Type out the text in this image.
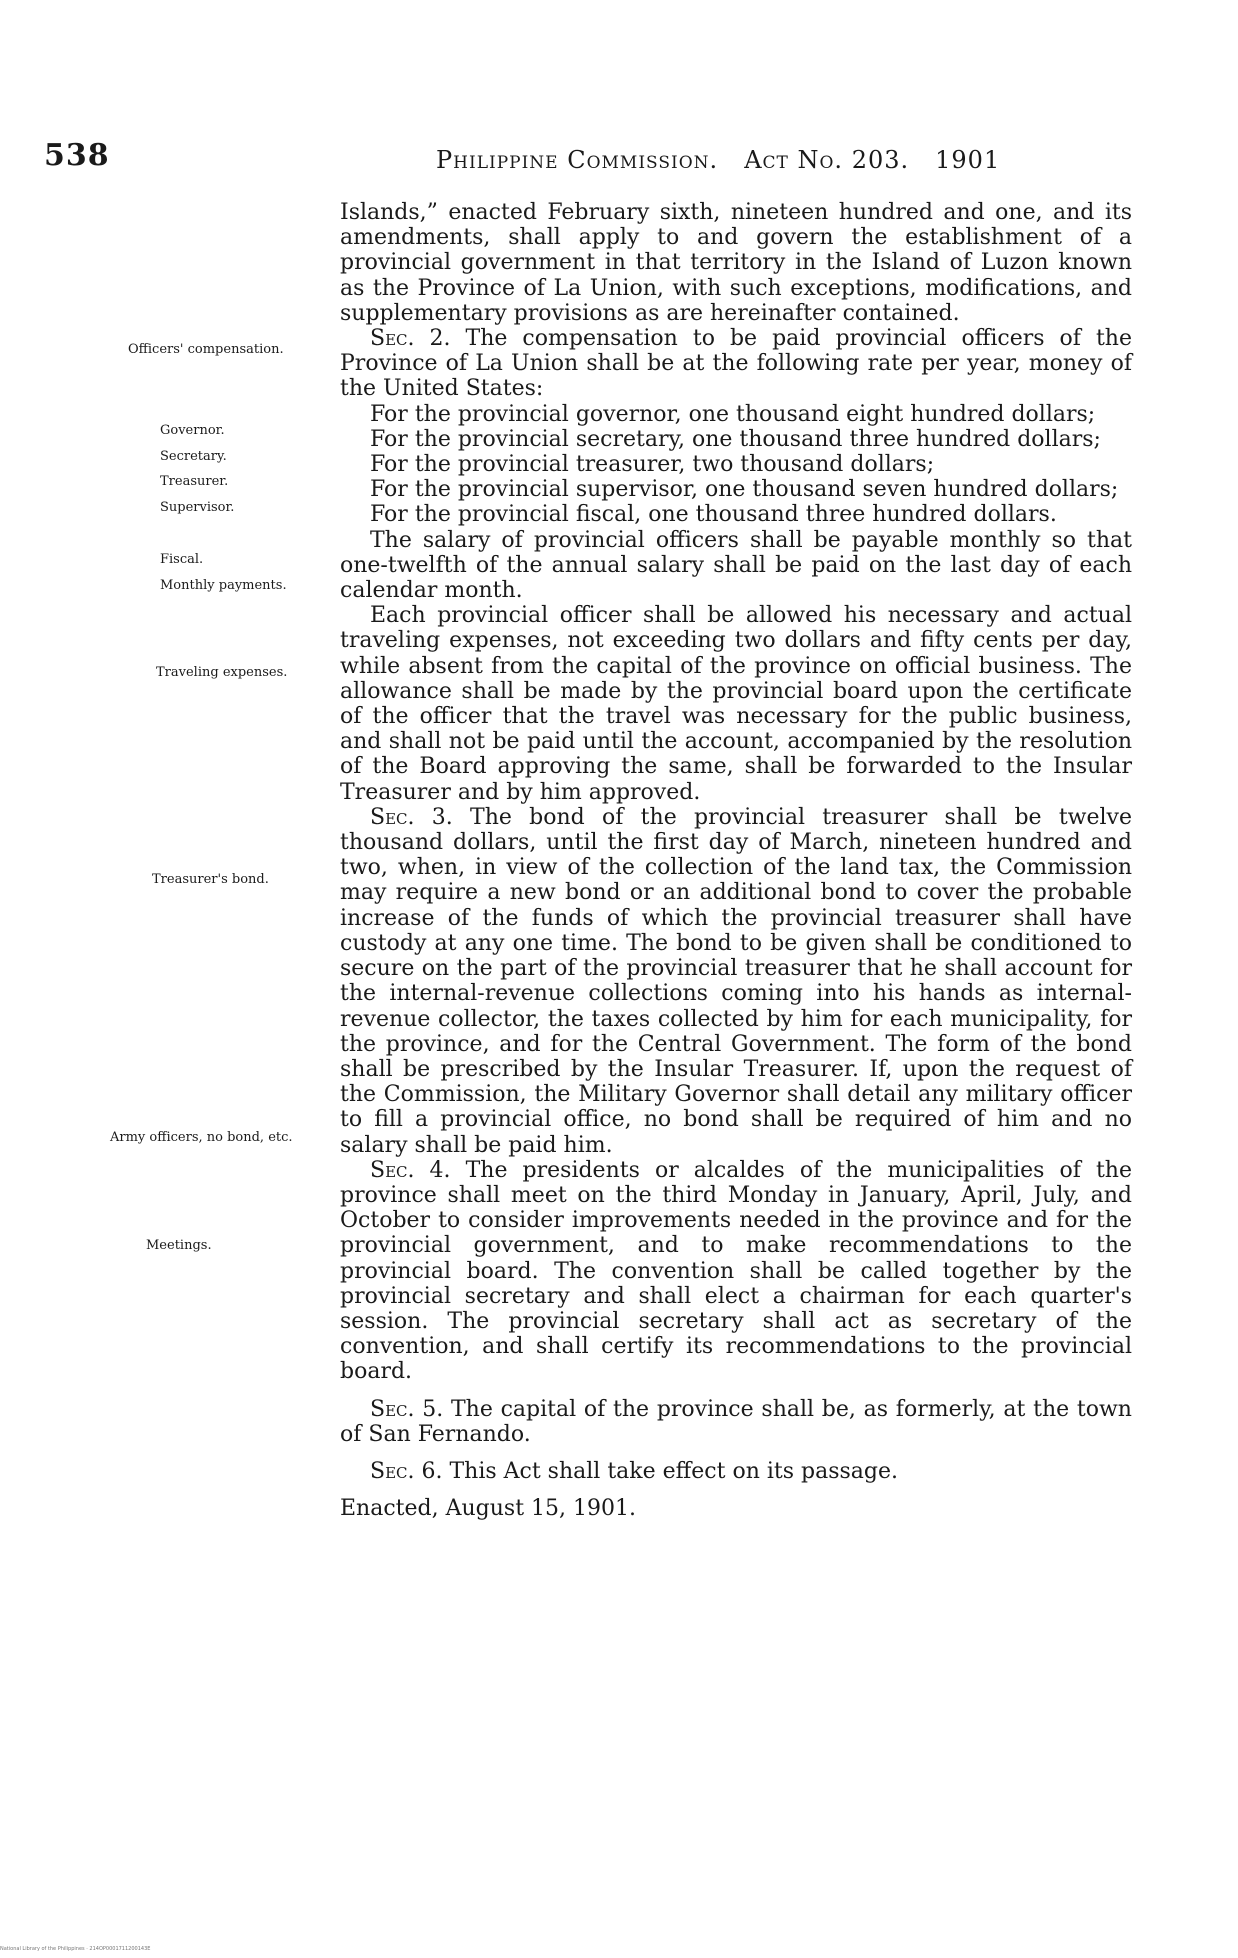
538	Philippine Commission. Act No. 203. 1901
Officers' compensation.
Governor.
Secretary.
Treasurer.
Supervisor.
Fiscal.
Monthly payments.
Traveling expenses.
Treasurer's bond.
Army officers, no bond, etc.
Meetings.

Islands,” enacted February sixth, nineteen hundred and one, and its amendments, shall apply to and govern the establishment of a provincial government in that territory in the Island of Luzon known as the Province of La Union, with such exceptions, modifications, and supplementary provisions as are hereinafter contained.

Sec. 2. The compensation to be paid provincial officers of the Province of La Union shall be at the following rate per year, money of the United States:

For the provincial governor, one thousand eight hundred dollars;

For the provincial secretary, one thousand three hundred dollars;

For the provincial treasurer, two thousand dollars;

For the provincial supervisor, one thousand seven hundred dollars;

For the provincial fiscal, one thousand three hundred dollars.

The salary of provincial officers shall be payable monthly so that one-twelfth of the annual salary shall be paid on the last day of each calendar month.

Each provincial officer shall be allowed his necessary and actual traveling expenses, not exceeding two dollars and fifty cents per day, while absent from the capital of the province on official business. The allowance shall be made by the provincial board upon the certificate of the officer that the travel was necessary for the public business, and shall not be paid until the account, accompanied by the resolution of the Board approving the same, shall be forwarded to the Insular Treasurer and by him approved.

Sec. 3. The bond of the provincial treasurer shall be twelve thousand dollars, until the first day of March, nineteen hundred and two, when, in view of the collection of the land tax, the Commission may require a new bond or an additional bond to cover the probable increase of the funds of which the provincial treasurer shall have custody at any one time. The bond to be given shall be conditioned to secure on the part of the provincial treasurer that he shall account for the internal-revenue collections coming into his hands as internal-revenue collector, the taxes collected by him for each municipality, for the province, and for the Central Government. The form of the bond shall be prescribed by the Insular Treasurer. If, upon the request of the Commission, the Military Governor shall detail any military officer to fill a provincial office, no bond shall be required of him and no salary shall be paid him.

Sec. 4. The presidents or alcaldes of the municipalities of the province shall meet on the third Monday in January, April, July, and October to consider improvements needed in the province and for the provincial government, and to make recommendations to the provincial board. The convention shall be called together by the provincial secretary and shall elect a chairman for each quarter's session. The provincial secretary shall act as secretary of the convention, and shall certify its recommendations to the provincial board.

Sec. 5. The capital of the province shall be, as formerly, at the town of San Fernando.

Sec. 6. This Act shall take effect on its passage.

Enacted, August 15, 1901.

National Library of the Philippines · 214OP0001711200143E
